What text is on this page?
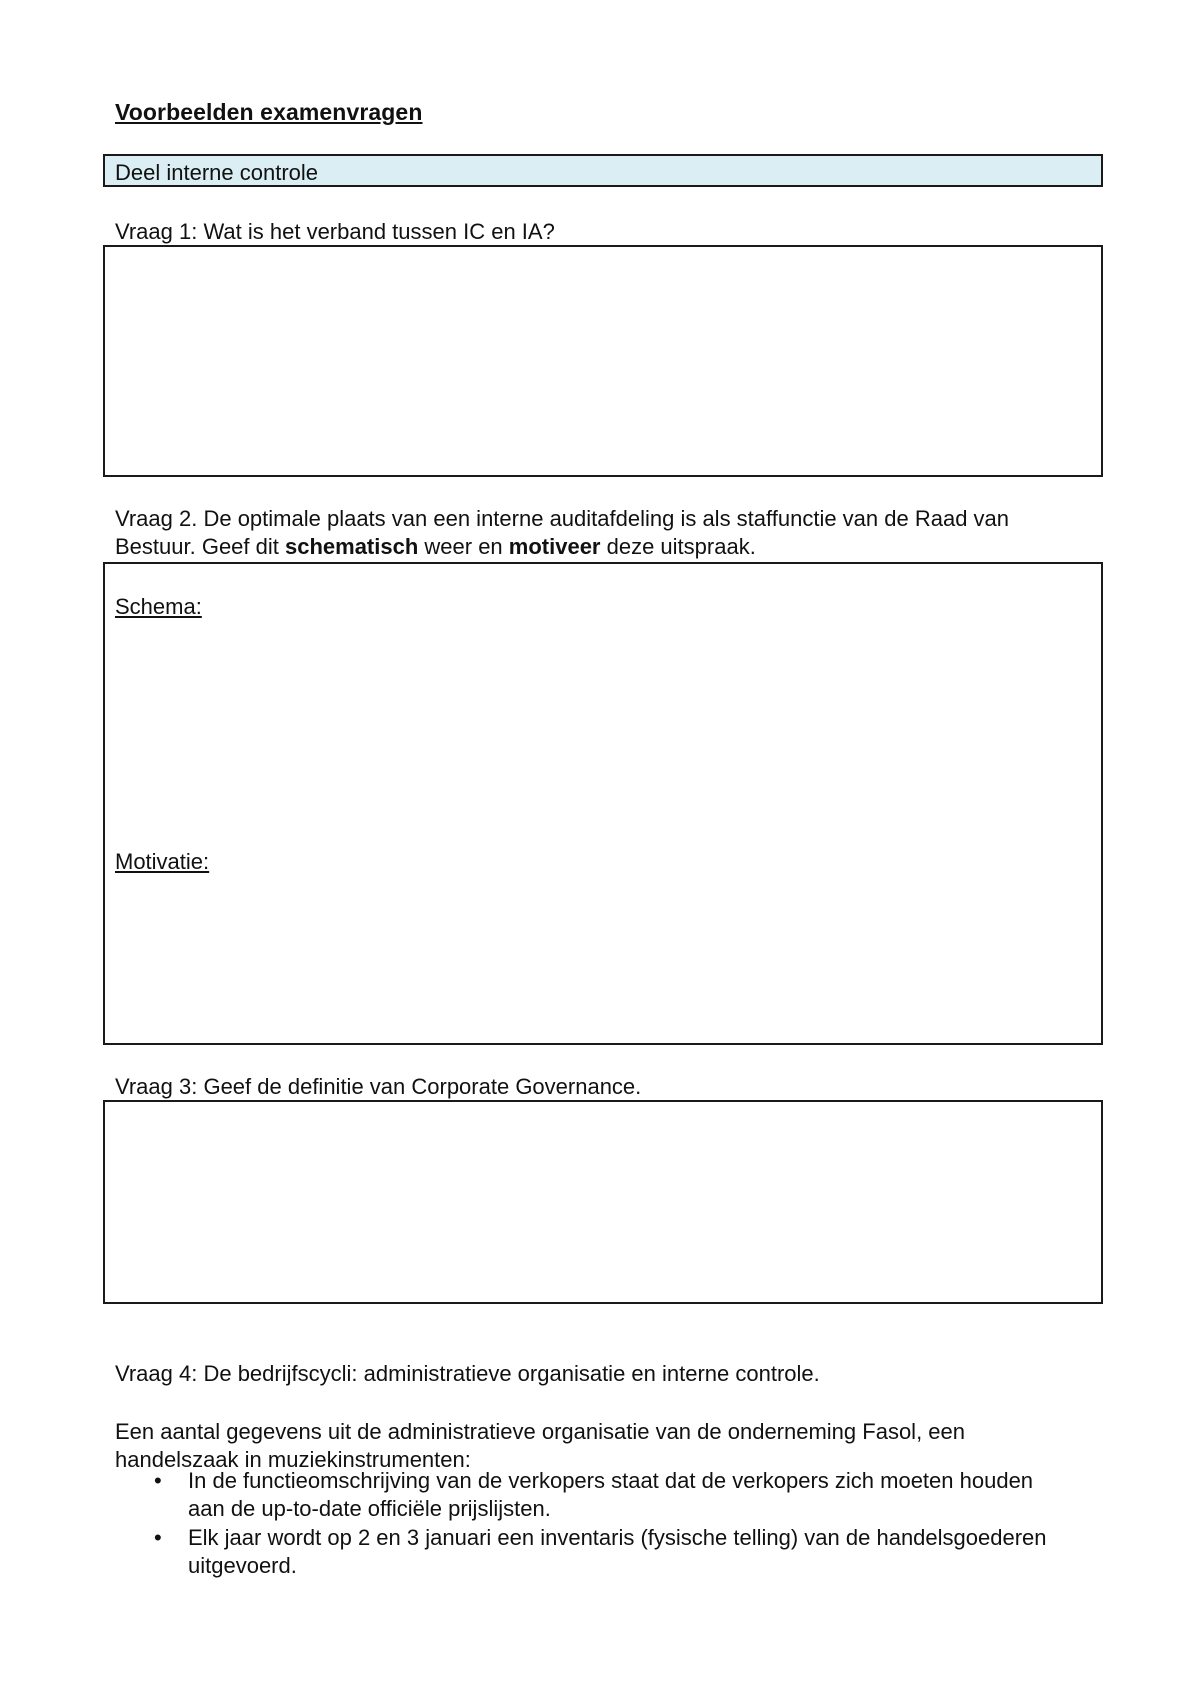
Voorbeelden examenvragen
Deel interne controle
Vraag 1: Wat is het verband tussen IC en IA?
Vraag 2. De optimale plaats van een interne auditafdeling is als staffunctie van de Raad van Bestuur. Geef dit schematisch weer en motiveer deze uitspraak.
Schema:
Motivatie:
Vraag 3: Geef de definitie van Corporate Governance.
Vraag 4: De bedrijfscycli: administratieve organisatie en interne controle.
Een aantal gegevens uit de administratieve organisatie van de onderneming Fasol, een handelszaak in muziekinstrumenten:
• In de functieomschrijving van de verkopers staat dat de verkopers zich moeten houden aan de up-to-date officiële prijslijsten.
• Elk jaar wordt op 2 en 3 januari een inventaris (fysische telling) van de handelsgoederen uitgevoerd.
